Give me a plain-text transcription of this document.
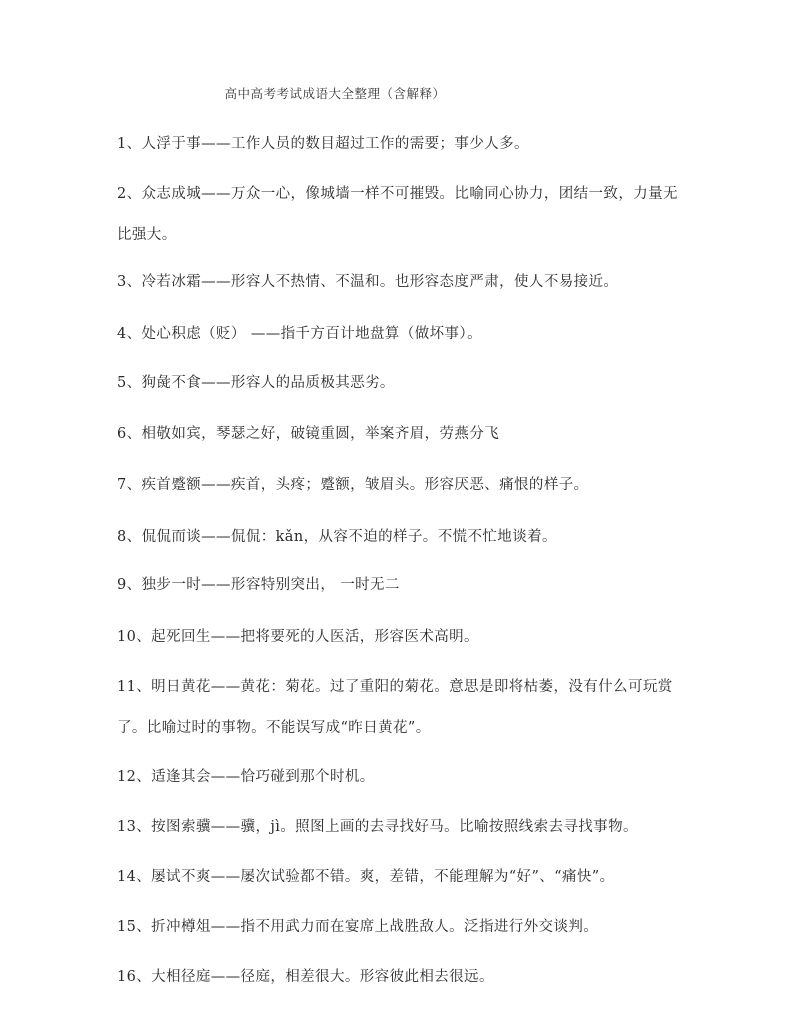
高中高考考试成语大全整理（含解释）
1、人浮于事——工作人员的数目超过工作的需要；事少人多。
2、众志成城——万众一心，像城墙一样不可摧毁。比喻同心协力，团结一致，力量无
比强大。
3、冷若冰霜——形容人不热情、不温和。也形容态度严肃，使人不易接近。
4、处心积虑（贬） ——指千方百计地盘算（做坏事）。
5、狗彘不食——形容人的品质极其恶劣。
6、相敬如宾，琴瑟之好，破镜重圆，举案齐眉，劳燕分飞
7、疾首蹙额——疾首，头疼；蹙额，皱眉头。形容厌恶、痛恨的样子。
8、侃侃而谈——侃侃：kǎn，从容不迫的样子。不慌不忙地谈着。
9、独步一时——形容特别突出， 一时无二
10、起死回生——把将要死的人医活，形容医术高明。
11、明日黄花——黄花：菊花。过了重阳的菊花。意思是即将枯萎，没有什么可玩赏
了。比喻过时的事物。不能误写成“昨日黄花”。
12、适逢其会——恰巧碰到那个时机。
13、按图索骥——骥，jì。照图上画的去寻找好马。比喻按照线索去寻找事物。
14、屡试不爽——屡次试验都不错。爽，差错，不能理解为“好”、“痛快”。
15、折冲樽俎——指不用武力而在宴席上战胜敌人。泛指进行外交谈判。
16、大相径庭——径庭，相差很大。形容彼此相去很远。
